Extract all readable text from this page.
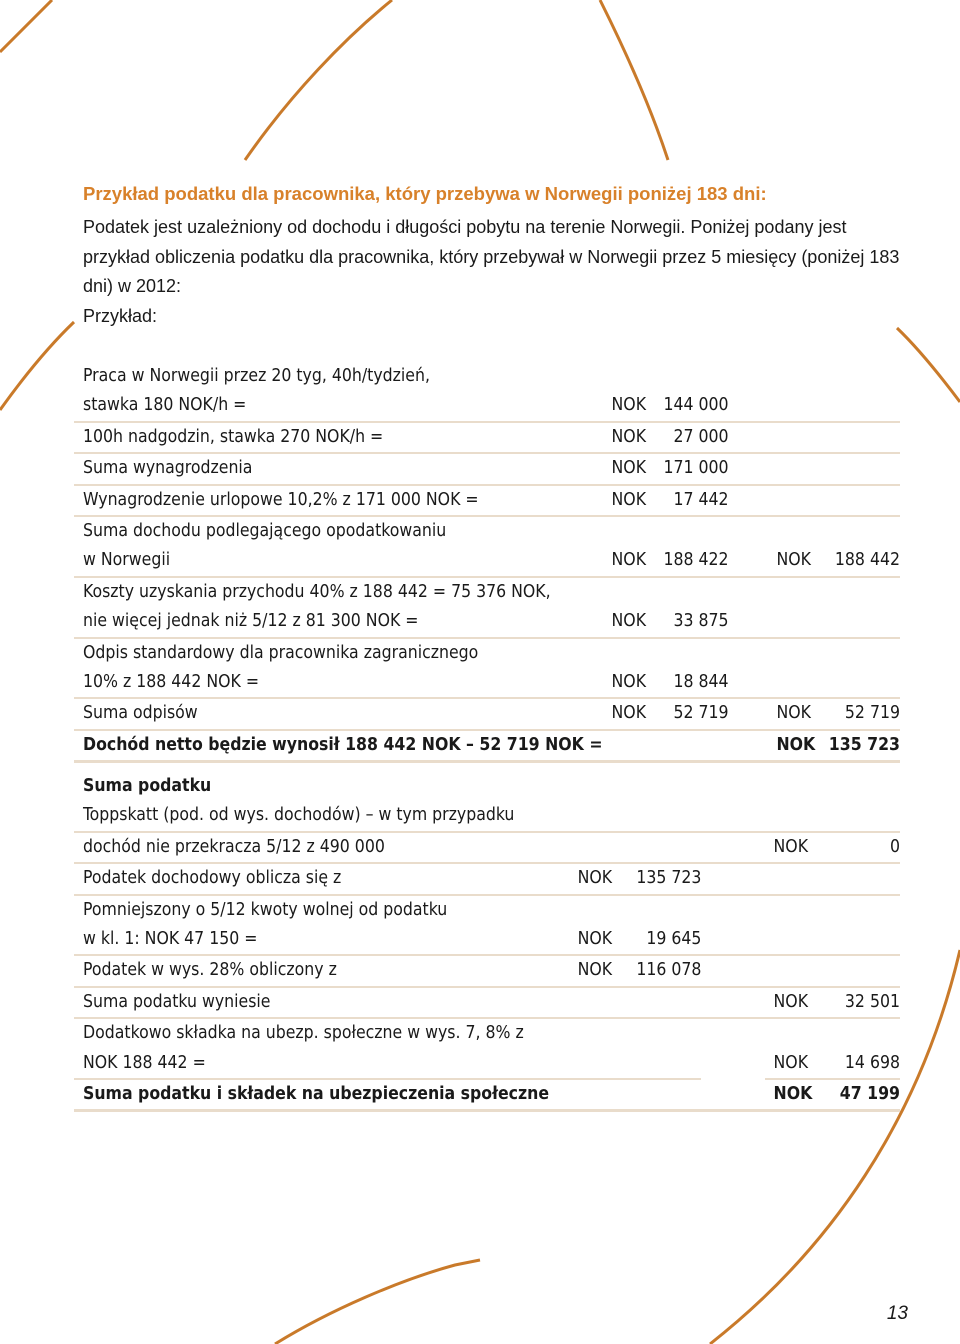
Przykład podatku dla pracownika, który przebywa w Norwegii poniżej 183 dni:

Podatek jest uzależniony od dochodu i długości pobytu na terenie Norwegii. Poniżej podany jest przykład obliczenia podatku dla pracownika, który przebywał w Norwegii przez 5 miesięcy (poniżej 183 dni) w 2012:

Przykład:

Praca w Norwegii przez 20 tyg, 40h/tydzień,					
stawka 180 NOK/h =	NOK	144 000			
100h nadgodzin, stawka 270 NOK/h =	NOK	27 000			
Suma wynagrodzenia	NOK	171 000			
Wynagrodzenie urlopowe 10,2% z 171 000 NOK =	NOK	17 442			
Suma dochodu podlegającego opodatkowaniu					
w Norwegii	NOK	188 422		NOK	188 442
Koszty uzyskania przychodu 40% z 188 442 = 75 376 NOK,					
nie więcej jednak niż 5/12 z 81 300 NOK =	NOK	33 875			
Odpis standardowy dla pracownika zagranicznego					
10% z 188 442 NOK =	NOK	18 844			
Suma odpisów	NOK	52 719		NOK	52 719
Dochód netto będzie wynosił 188 442 NOK – 52 719 NOK =				NOK	135 723
Suma podatku					
Toppskatt (pod. od wys. dochodów) – w tym przypadku					
dochód nie przekracza 5/12 z 490 000				NOK	0
Podatek dochodowy oblicza się z	NOK	135 723			
Pomniejszony o 5/12 kwoty wolnej od podatku					
w kl. 1: NOK 47 150 =	NOK	19 645			
Podatek w wys. 28% obliczony z	NOK	116 078			
Suma podatku wyniesie				NOK	32 501
Dodatkowo składka na ubezp. społeczne w wys. 7, 8% z					
NOK 188 442 =				NOK	14 698
Suma podatku i składek na ubezpieczenia społeczne				NOK	47 199
13
